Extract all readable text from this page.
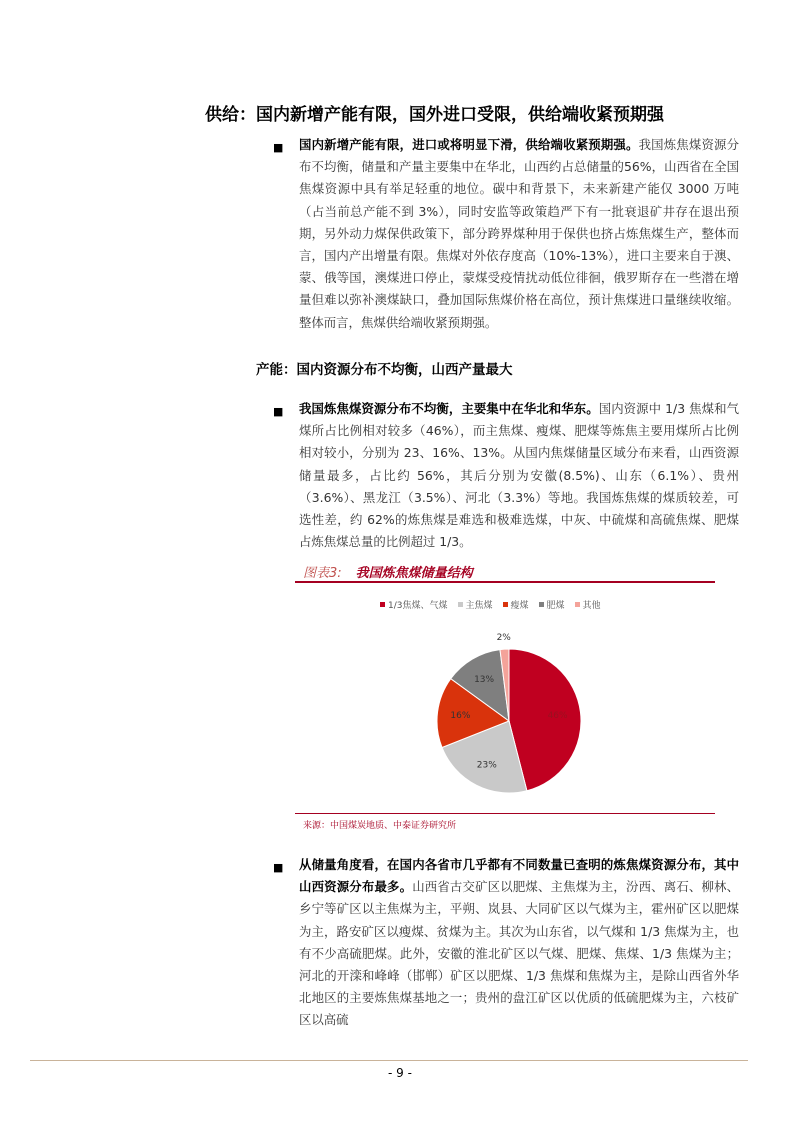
供给：国内新增产能有限，国外进口受限，供给端收紧预期强
■ 国内新增产能有限，进口或将明显下滑，供给端收紧预期强。我国炼焦煤资源分布不均衡，储量和产量主要集中在华北，山西约占总储量的56%，山西省在全国焦煤资源中具有举足轻重的地位。碳中和背景下，未来新建产能仅 3000 万吨（占当前总产能不到 3%），同时安监等政策趋严下有一批衰退矿井存在退出预期，另外动力煤保供政策下，部分跨界煤种用于保供也挤占炼焦煤生产，整体而言，国内产出增量有限。焦煤对外依存度高（10%-13%），进口主要来自于澳、蒙、俄等国，澳煤进口停止，蒙煤受疫情扰动低位徘徊，俄罗斯存在一些潜在增量但难以弥补澳煤缺口，叠加国际焦煤价格在高位，预计焦煤进口量继续收缩。整体而言，焦煤供给端收紧预期强。
产能：国内资源分布不均衡，山西产量最大
■ 我国炼焦煤资源分布不均衡，主要集中在华北和华东。国内资源中 1/3 焦煤和气煤所占比例相对较多（46%），而主焦煤、瘦煤、肥煤等炼焦主要用煤所占比例相对较小，分别为 23、16%、13%。从国内焦煤储量区域分布来看，山西资源储量最多，占比约 56%，其后分别为安徽(8.5%)、山东（6.1%）、贵州（3.6%）、黑龙江（3.5%）、河北（3.3%）等地。我国炼焦煤的煤质较差，可选性差，约 62%的炼焦煤是难选和极难选煤，中灰、中硫煤和高硫焦煤、肥煤占炼焦煤总量的比例超过 1/3。
图表3: 我国炼焦煤储量结构
1/3焦煤、气煤 主焦煤 瘦煤 肥煤 其他
46%
23%
16%
13%
2%
来源：中国煤炭地质、中泰证券研究所
■ 从储量角度看，在国内各省市几乎都有不同数量已查明的炼焦煤资源分布，其中山西资源分布最多。山西省古交矿区以肥煤、主焦煤为主，汾西、离石、柳林、乡宁等矿区以主焦煤为主，平朔、岚县、大同矿区以气煤为主，霍州矿区以肥煤为主，路安矿区以瘦煤、贫煤为主。其次为山东省，以气煤和 1/3 焦煤为主，也有不少高硫肥煤。此外，安徽的淮北矿区以气煤、肥煤、焦煤、1/3 焦煤为主；河北的开滦和峰峰（邯郸）矿区以肥煤、1/3 焦煤和焦煤为主，是除山西省外华北地区的主要炼焦煤基地之一；贵州的盘江矿区以优质的低硫肥煤为主，六枝矿区以高硫
- 9 -
